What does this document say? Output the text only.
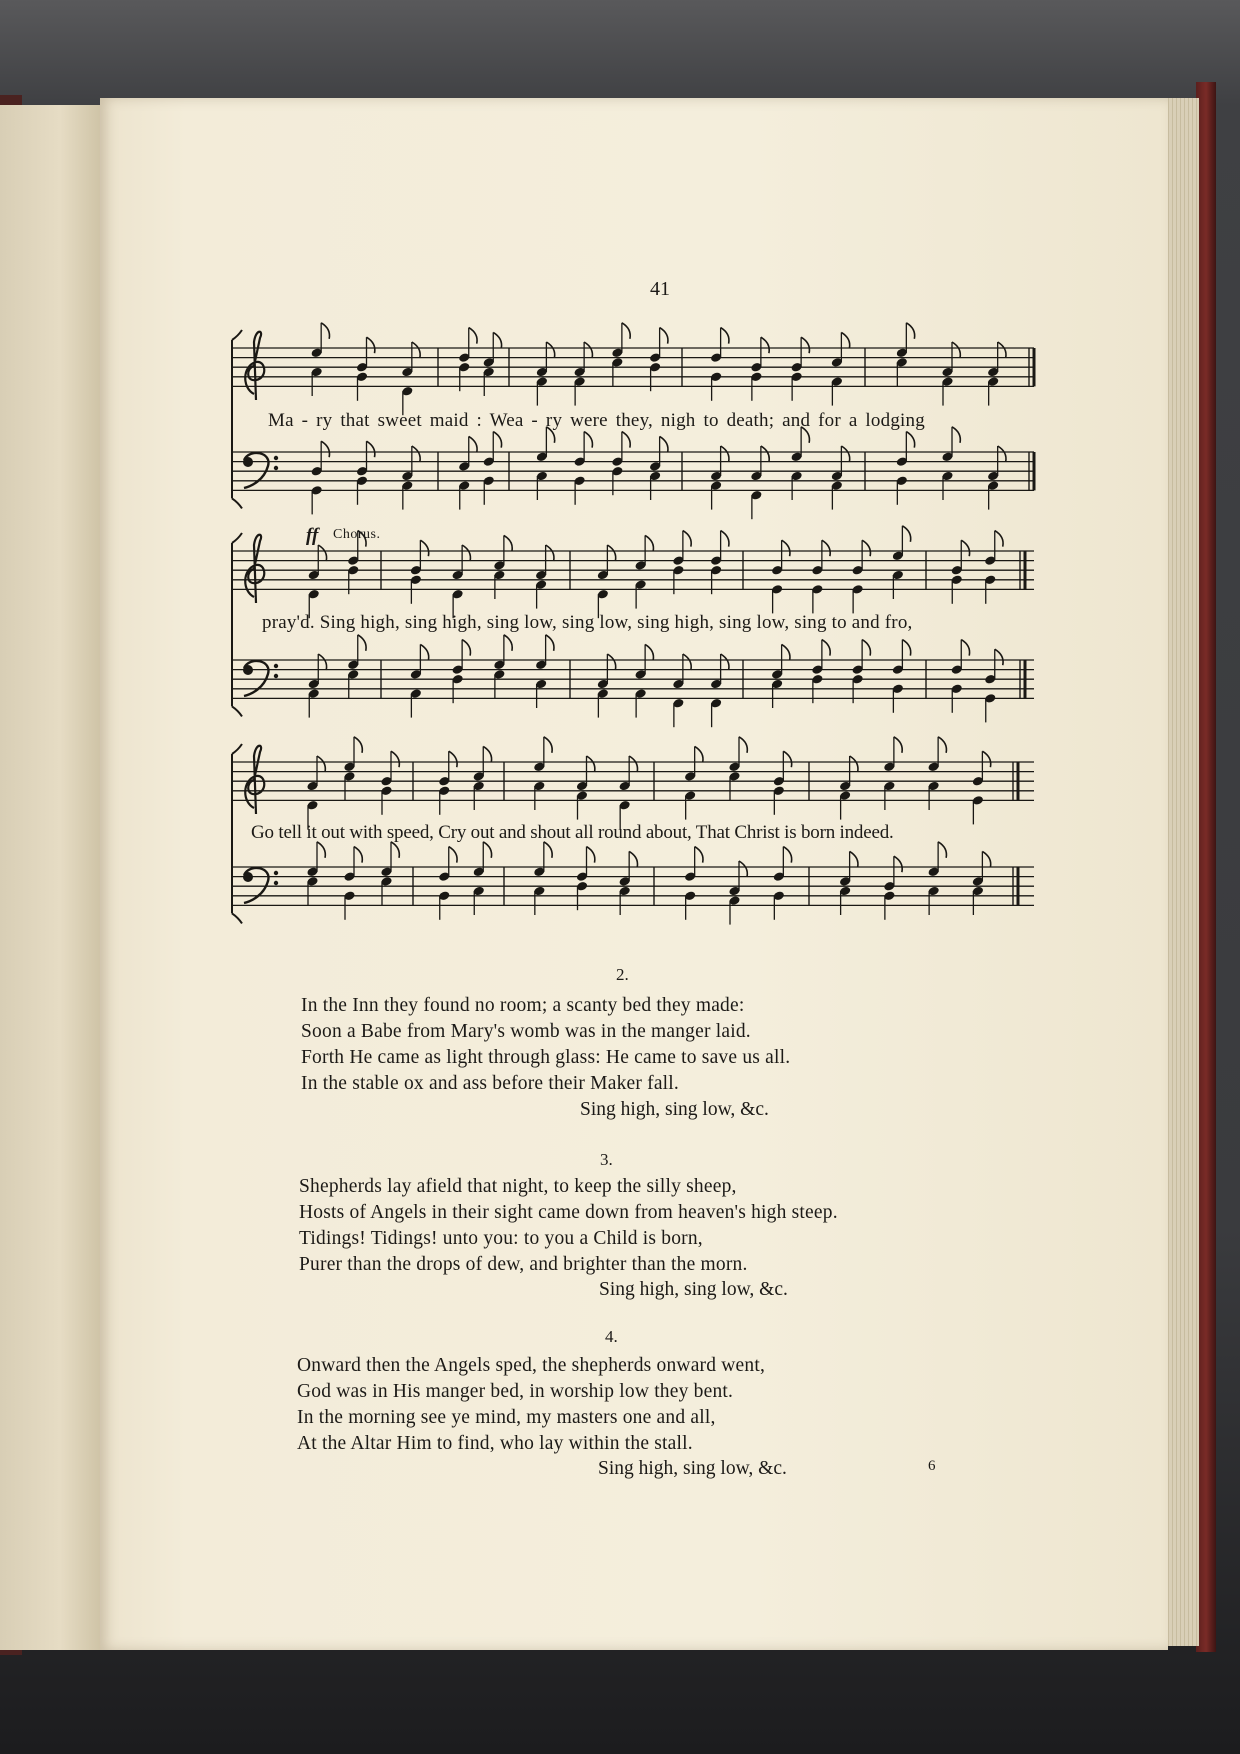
41
Ma - ry that sweet maid : Wea - ry were they, nigh to death; and for a lodging
ff Chorus.
pray'd. Sing high, sing high, sing low, sing low, sing high, sing low, sing to and fro,
Go tell it out with speed, Cry out and shout all round about, That Christ is born indeed.
2.
In the Inn they found no room; a scanty bed they made:
Soon a Babe from Mary's womb was in the manger laid.
Forth He came as light through glass: He came to save us all.
In the stable ox and ass before their Maker fall.
Sing high, sing low, &c.
3.
Shepherds lay afield that night, to keep the silly sheep,
Hosts of Angels in their sight came down from heaven's high steep.
Tidings! Tidings! unto you: to you a Child is born,
Purer than the drops of dew, and brighter than the morn.
Sing high, sing low, &c.
4.
Onward then the Angels sped, the shepherds onward went,
God was in His manger bed, in worship low they bent.
In the morning see ye mind, my masters one and all,
At the Altar Him to find, who lay within the stall.
Sing high, sing low, &c.	6
